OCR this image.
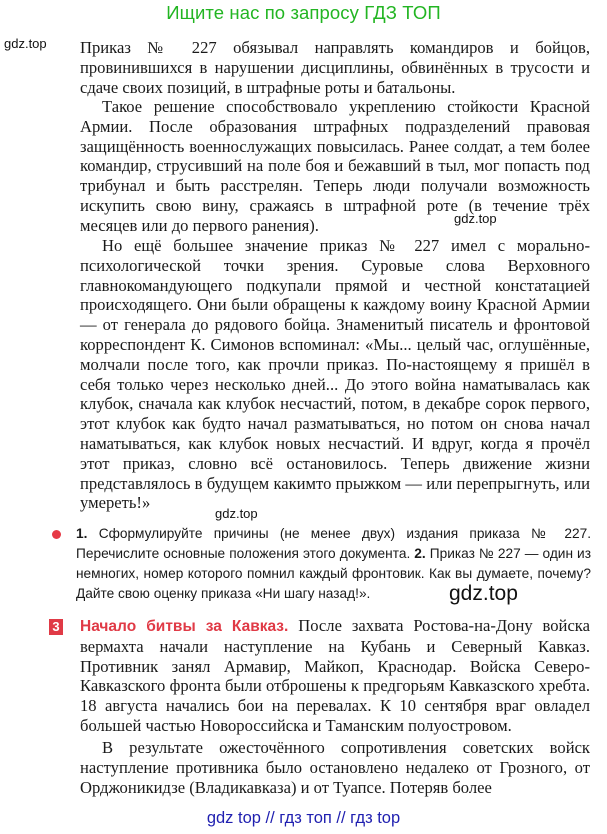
Ищите нас по запросу ГДЗ ТОП
gdz.top
gdz.top
gdz.top
gdz.top

Приказ № 227 обязывал направлять командиров и бойцов, провинившихся в нарушении дисциплины, обвинённых в трусости и сдаче своих позиций, в штрафные роты и батальоны.

Такое решение способствовало укреплению стойкости Красной Армии. После образования штрафных подразделений правовая защищённость военнослужащих повысилась. Ранее солдат, а тем более командир, струсивший на поле боя и бежавший в тыл, мог попасть под трибунал и быть расстрелян. Теперь люди получали возможность искупить свою вину, сражаясь в штрафной роте (в течение трёх месяцев или до первого ранения).

Но ещё большее значение приказ № 227 имел с морально-психологической точки зрения. Суровые слова Верховного главнокомандующего подкупали прямой и честной констатацией происходящего. Они были обращены к каждому воину Красной Армии — от генерала до рядового бойца. Знаменитый писатель и фронтовой корреспондент К. Симонов вспоминал: «Мы... целый час, оглушённые, молчали после того, как прочли приказ. По-настоящему я пришёл в себя только через несколько дней... До этого война наматывалась как клубок, сначала как клубок несчастий, потом, в декабре сорок первого, этот клубок как будто начал разматываться, но потом он снова начал наматываться, как клубок новых несчастий. И вдруг, когда я прочёл этот приказ, словно всё остановилось. Теперь движение жизни представлялось в будущем какимто прыжком — или перепрыгнуть, или умереть!»

1. Сформулируйте причины (не менее двух) издания приказа № 227. Перечислите основные положения этого документа. 2. Приказ № 227 — один из немногих, номер которого помнил каждый фронтовик. Как вы думаете, почему? Дайте свою оценку приказа «Ни шагу назад!».

3 Начало битвы за Кавказ. После захвата Ростова-на-Дону войска вермахта начали наступление на Кубань и Северный Кавказ. Противник занял Армавир, Майкоп, Краснодар. Войска Северо-Кавказского фронта были отброшены к предгорьям Кавказского хребта. 18 августа начались бои на перевалах. К 10 сентября враг овладел большей частью Новороссийска и Таманским полуостровом.

В результате ожесточённого сопротивления советских войск наступление противника было остановлено недалеко от Грозного, от Орджоникидзе (Владикавказа) и от Туапсе. Потеряв более

gdz top // гдз топ // гдз top
